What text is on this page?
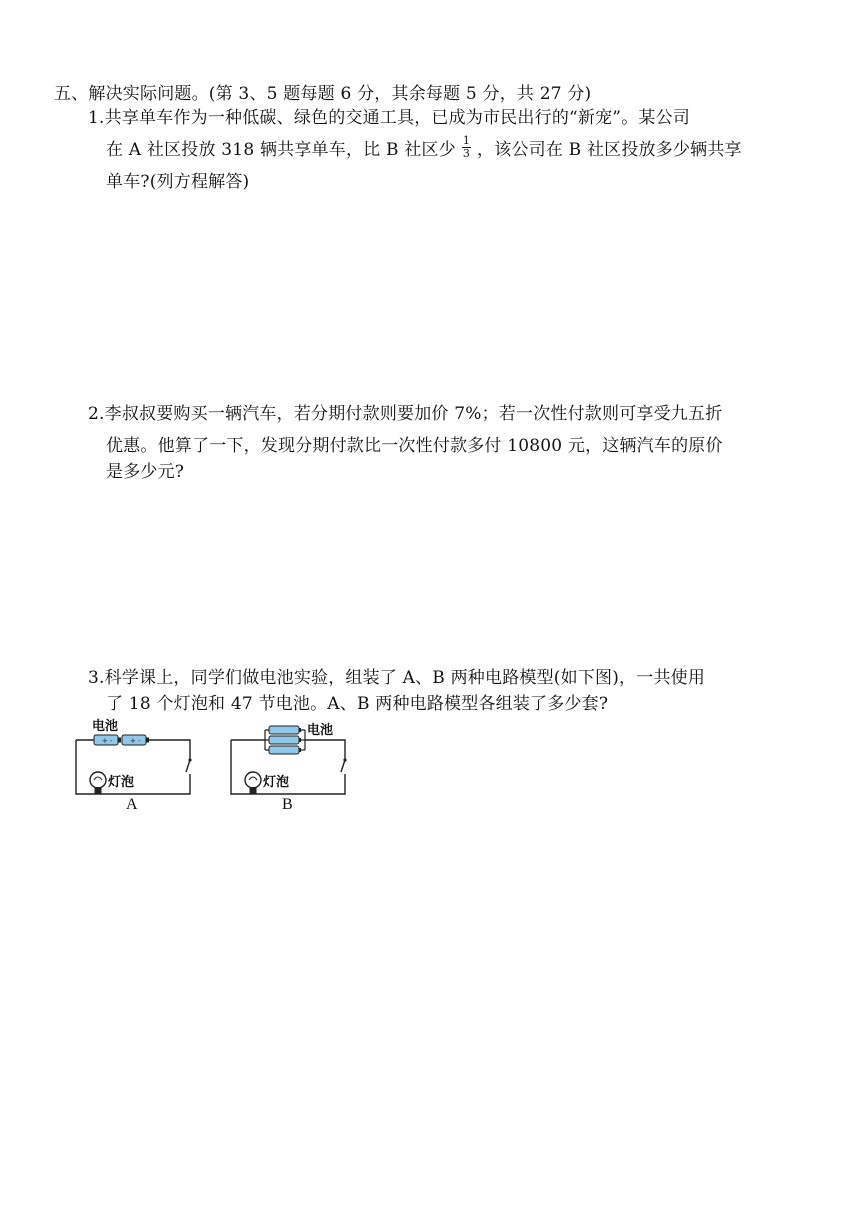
五、解决实际问题。(第 3、5 题每题 6 分，其余每题 5 分，共 27 分)
1.共享单车作为一种低碳、绿色的交通工具，已成为市民出行的“新宠”。某公司
在 A 社区投放 318 辆共享单车，比 B 社区少 $\frac{1}{3}$ ，该公司在 B 社区投放多少辆共享
单车?(列方程解答)
2.李叔叔要购买一辆汽车，若分期付款则要加价 7%；若一次性付款则可享受九五折
优惠。他算了一下，发现分期付款比一次性付款多付 10800 元，这辆汽车的原价
是多少元?
3.科学课上，同学们做电池实验，组装了 A、B 两种电路模型(如下图)，一共使用
了 18 个灯泡和 47 节电池。A、B 两种电路模型各组装了多少套?
+ -	+ -
电池
灯泡
A
电池
灯泡
B
